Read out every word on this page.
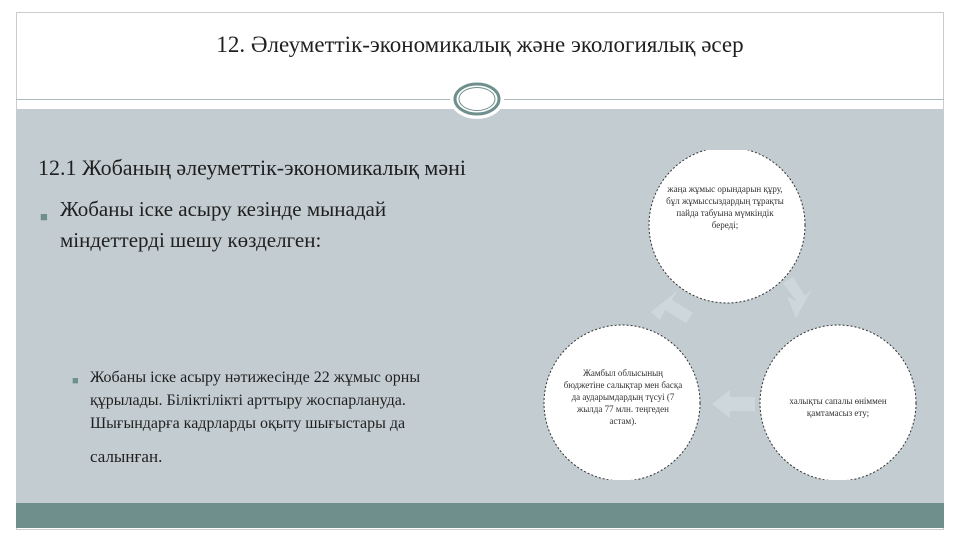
12. Әлеуметтік-экономикалық және экологиялық әсер
12.1 Жобаның әлеуметтік-экономикалық мәні
■ Жобаны іске асыру кезінде мынадай міндеттерді шешу көзделген:
■ Жобаны іске асыру нәтижесінде 22 жұмыс орны құрылады. Біліктілікті арттыру жоспарлануда. Шығындарға кадрларды оқыту шығыстары да
салынған.
жаңа жұмыс орындарын құру, бұл жұмыссыздардың тұрақты пайда табуына мүмкіндік береді;
Жамбыл облысының бюджетіне салықтар мен басқа да аударымдардың түсуі (7 жылда 77 млн. теңгеден астам).
халықты сапалы өніммен қамтамасыз ету;
